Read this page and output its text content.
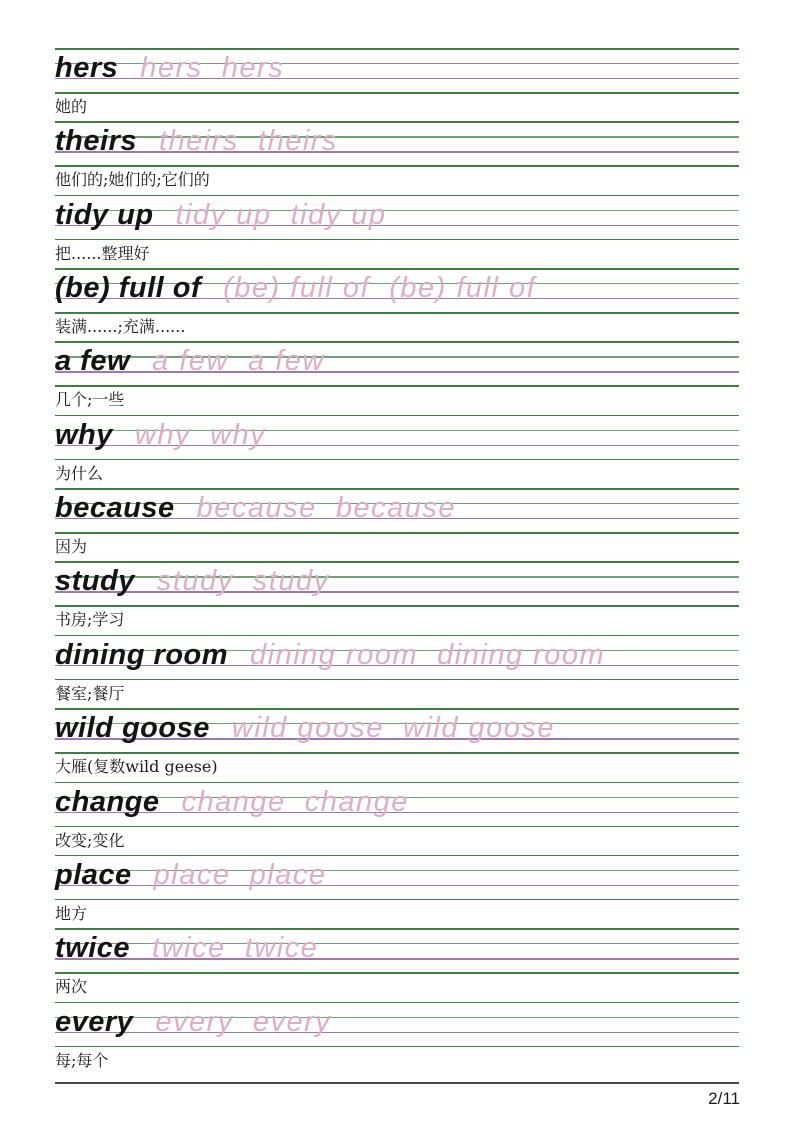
hers hers  hers
她的
theirs theirs  theirs
他们的;她们的;它们的
tidy up tidy up  tidy up
把......整理好
(be) full of (be) full of  (be) full of
装满......;充满......
a few a few  a few
几个;一些
why why  why
为什么
because because  because
因为
study study  study
书房;学习
dining room dining room  dining room
餐室;餐厅
wild goose wild goose  wild goose
大雁(复数wild geese)
change change  change
改变;变化
place place  place
地方
twice twice  twice
两次
every every  every
每;每个
2/11
